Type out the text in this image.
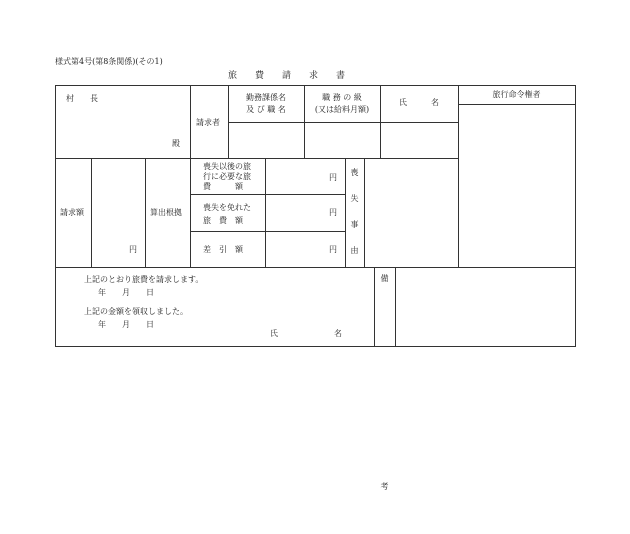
様式第4号(第8条関係)(その1)
旅　　費　　請　　求　　書
村　　長
殿
請求者
勤務課係名
及 び 職 名
職 務 の 級
(又は給料月額)
氏　　　名
旅行命令権者
請求額
円
算出根拠
喪失以後の旅
行に必要な旅
費　　　額
円
喪失を免れた
旅　費　額
円
差　引　額	円 喪失事由
上記のとおり旅費を請求します。
年　　月　　日
上記の金額を領収しました。
年　　月　　日
氏　　　　　　　名	備　　　考
